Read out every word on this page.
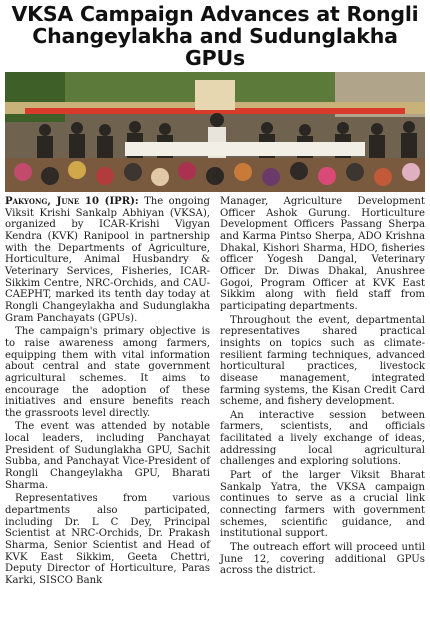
VKSA Campaign Advances at Rongli
Changeylakha and Sudunglakha GPUs

Pakyong, June 10 (IPR): The ongoing Viksit Krishi Sankalp Abhiyan (VKSA), organized by ICAR-Krishi Vigyan Kendra (KVK) Ranipool in partnership with the Departments of Agriculture, Horticulture, Animal Husbandry & Veterinary Services, Fisheries, ICAR-Sikkim Centre, NRC-Orchids, and CAU-CAEPHT, marked its tenth day today at Rongli Changeylakha and Sudunglakha Gram Panchayats (GPUs).

The campaign's primary objective is to raise awareness among farmers, equipping them with vital information about central and state government agricultural schemes. It aims to encourage the adoption of these initiatives and ensure benefits reach the grassroots level directly.

The event was attended by notable local leaders, including Panchayat President of Sudunglakha GPU, Sachit Subba, and Panchayat Vice-President of Rongli Changeylakha GPU, Bharati Sharma.

Representatives from various departments also participated, including Dr. L C Dey, Principal Scientist at NRC-Orchids, Dr. Prakash Sharma, Senior Scientist and Head of KVK East Sikkim, Geeta Chettri, Deputy Director of Horticulture, Paras Karki, SISCO Bank

Manager, Agriculture Development Officer Ashok Gurung. Horticulture Development Officers Passang Sherpa and Karma Pintso Sherpa, ADO Krishna Dhakal, Kishori Sharma, HDO, fisheries officer Yogesh Dangal, Veterinary Officer Dr. Diwas Dhakal, Anushree Gogoi, Program Officer at KVK East Sikkim along with field staff from participating departments.

Throughout the event, departmental representatives shared practical insights on topics such as climate-resilient farming techniques, advanced horticultural practices, livestock disease management, integrated farming systems, the Kisan Credit Card scheme, and fishery development.

An interactive session between farmers, scientists, and officials facilitated a lively exchange of ideas, addressing local agricultural challenges and exploring solutions.

Part of the larger Viksit Bharat Sankalp Yatra, the VKSA campaign continues to serve as a crucial link connecting farmers with government schemes, scientific guidance, and institutional support.

The outreach effort will proceed until June 12, covering additional GPUs across the district.
